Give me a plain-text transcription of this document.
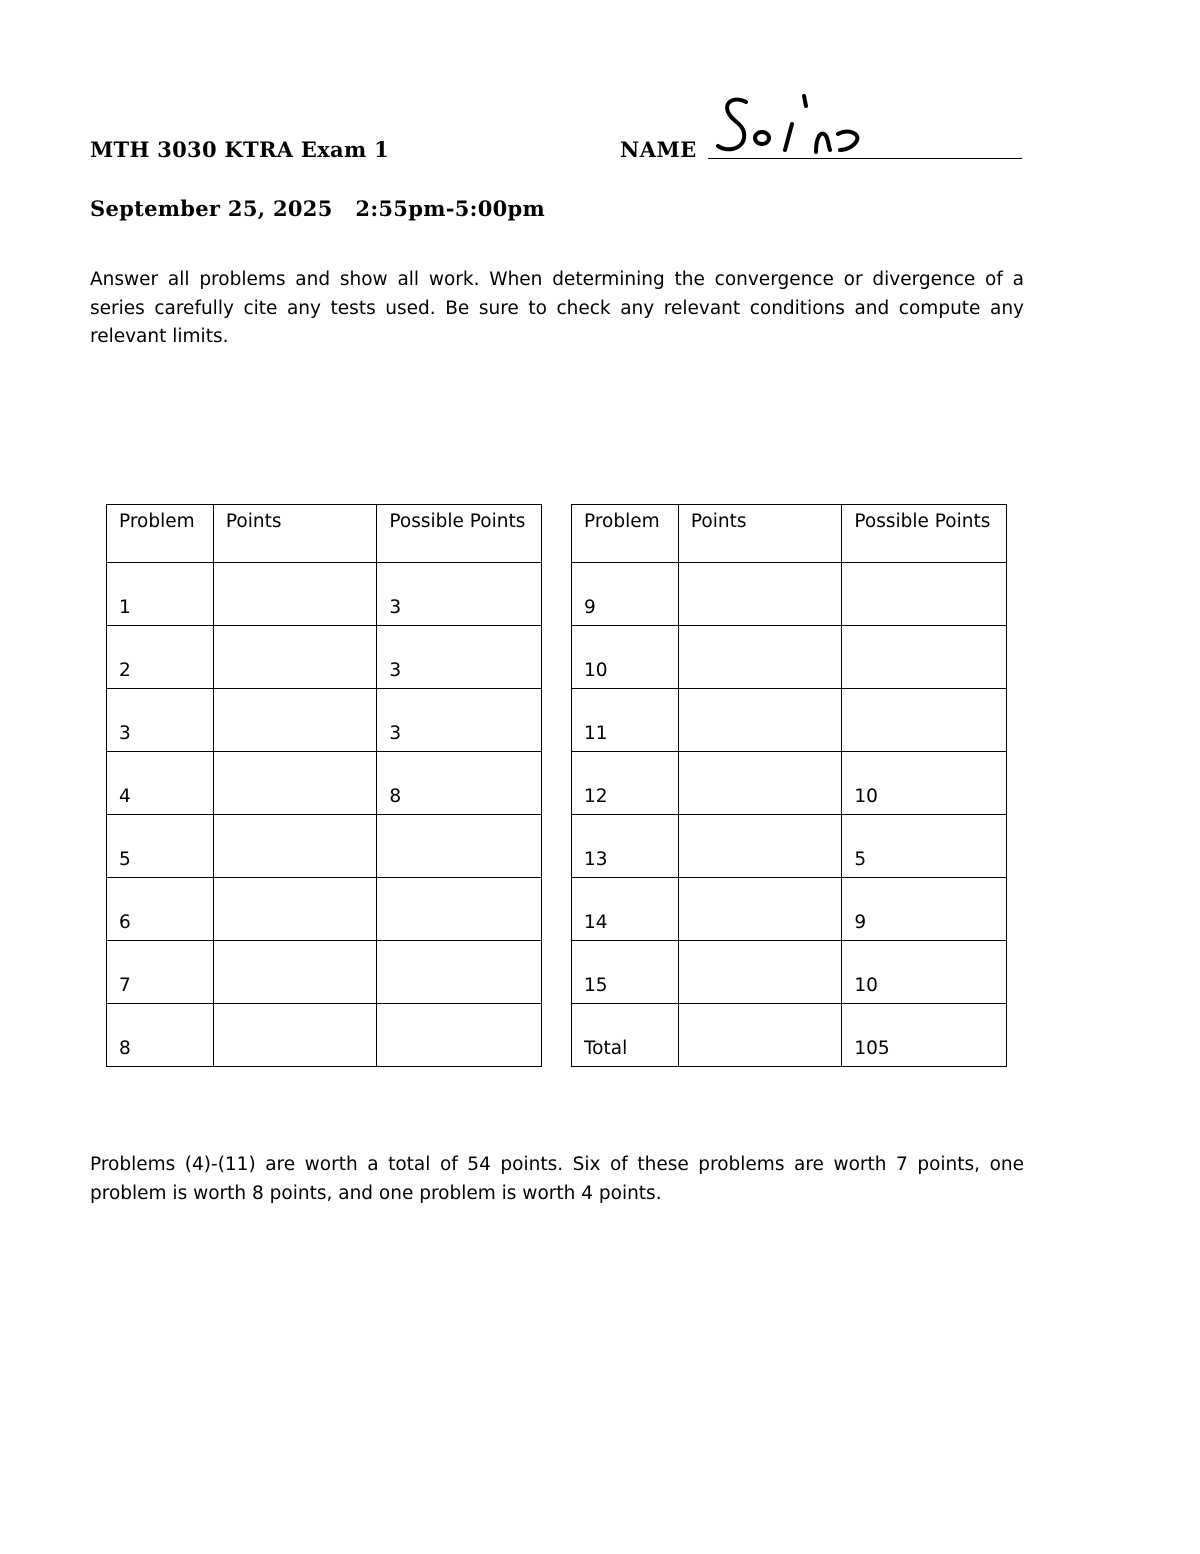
MTH 3030 KTRA Exam 1	NAME
Sol'ns
September 25, 2025   2:55pm-5:00pm
Answer all problems and show all work. When determining the convergence or divergence of a series carefully cite any tests used. Be sure to check any relevant conditions and compute any relevant limits.
Problem	Points	Possible Points
1		3
2		3
3		3
4		8
5		
6		
7		
8		
Problem	Points	Possible Points
9		
10		
11		
12		10
13		5
14		9
15		10
Total		105
Problems (4)-(11) are worth a total of 54 points. Six of these problems are worth 7 points, one problem is worth 8 points, and one problem is worth 4 points.
